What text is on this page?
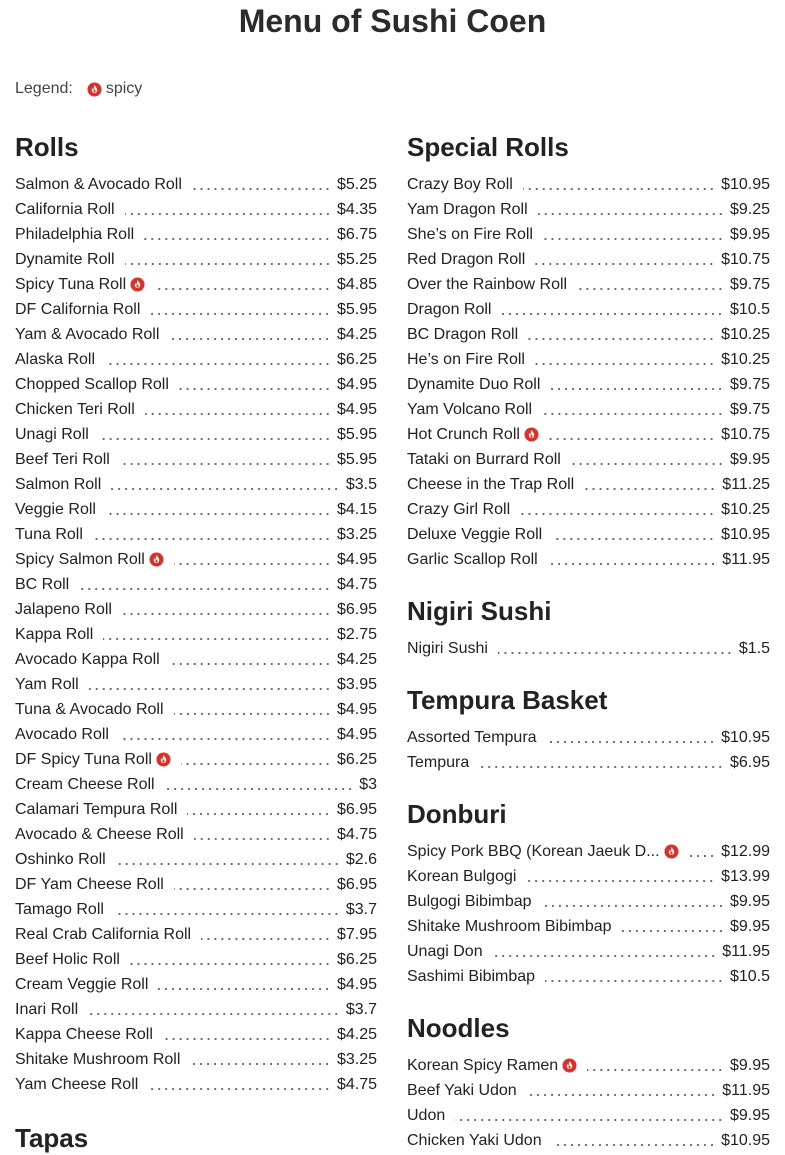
Menu of Sushi Coen
Legend: spicy
Rolls
Salmon & Avocado Roll	$5.25
California Roll	$4.35
Philadelphia Roll	$6.75
Dynamite Roll	$5.25
Spicy Tuna Roll	$4.85
DF California Roll	$5.95
Yam & Avocado Roll	$4.25
Alaska Roll	$6.25
Chopped Scallop Roll	$4.95
Chicken Teri Roll	$4.95
Unagi Roll	$5.95
Beef Teri Roll	$5.95
Salmon Roll	$3.5
Veggie Roll	$4.15
Tuna Roll	$3.25
Spicy Salmon Roll	$4.95
BC Roll	$4.75
Jalapeno Roll	$6.95
Kappa Roll	$2.75
Avocado Kappa Roll	$4.25
Yam Roll	$3.95
Tuna & Avocado Roll	$4.95
Avocado Roll	$4.95
DF Spicy Tuna Roll	$6.25
Cream Cheese Roll	$3
Calamari Tempura Roll	$6.95
Avocado & Cheese Roll	$4.75
Oshinko Roll	$2.6
DF Yam Cheese Roll	$6.95
Tamago Roll	$3.7
Real Crab California Roll	$7.95
Beef Holic Roll	$6.25
Cream Veggie Roll	$4.95
Inari Roll	$3.7
Kappa Cheese Roll	$4.25
Shitake Mushroom Roll	$3.25
Yam Cheese Roll	$4.75
Tapas
Special Rolls
Crazy Boy Roll	$10.95
Yam Dragon Roll	$9.25
She’s on Fire Roll	$9.95
Red Dragon Roll	$10.75
Over the Rainbow Roll	$9.75
Dragon Roll	$10.5
BC Dragon Roll	$10.25
He’s on Fire Roll	$10.25
Dynamite Duo Roll	$9.75
Yam Volcano Roll	$9.75
Hot Crunch Roll	$10.75
Tataki on Burrard Roll	$9.95
Cheese in the Trap Roll	$11.25
Crazy Girl Roll	$10.25
Deluxe Veggie Roll	$10.95
Garlic Scallop Roll	$11.95
Nigiri Sushi
Nigiri Sushi	$1.5
Tempura Basket
Assorted Tempura	$10.95
Tempura	$6.95
Donburi
Spicy Pork BBQ (Korean Jaeuk D...	$12.99
Korean Bulgogi	$13.99
Bulgogi Bibimbap	$9.95
Shitake Mushroom Bibimbap	$9.95
Unagi Don	$11.95
Sashimi Bibimbap	$10.5
Noodles
Korean Spicy Ramen	$9.95
Beef Yaki Udon	$11.95
Udon	$9.95
Chicken Yaki Udon	$10.95
